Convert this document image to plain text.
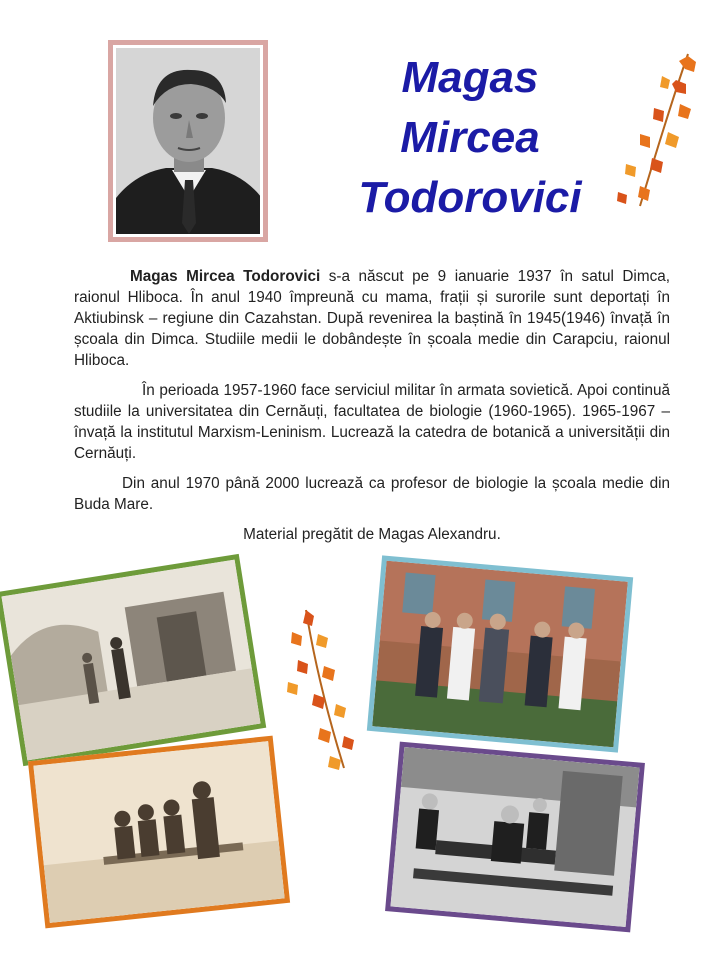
Magas
Mircea
Todorovici

Magas Mircea Todorovici s-a născut pe 9 ianuarie 1937 în satul Dimca, raionul Hliboca. În anul 1940 împreună cu mama, frații și surorile sunt deportați în Aktiubinsk – regiune din Cazahstan. După revenirea la baștină în 1945(1946) învață în școala din Dimca. Studiile medii le dobândește în școala medie din Carapciu, raionul Hliboca.

În perioada 1957-1960 face serviciul militar în armata sovietică. Apoi continuă studiile la universitatea din Cernăuți, facultatea de biologie (1960-1965). 1965-1967 – învață la institutul Marxism-Leninism. Lucrează la catedra de botanică a universității din Cernăuți.

Din anul 1970 până 2000 lucrează ca profesor de biologie la școala medie din Buda Mare.

Material pregătit de Magas Alexandru.
